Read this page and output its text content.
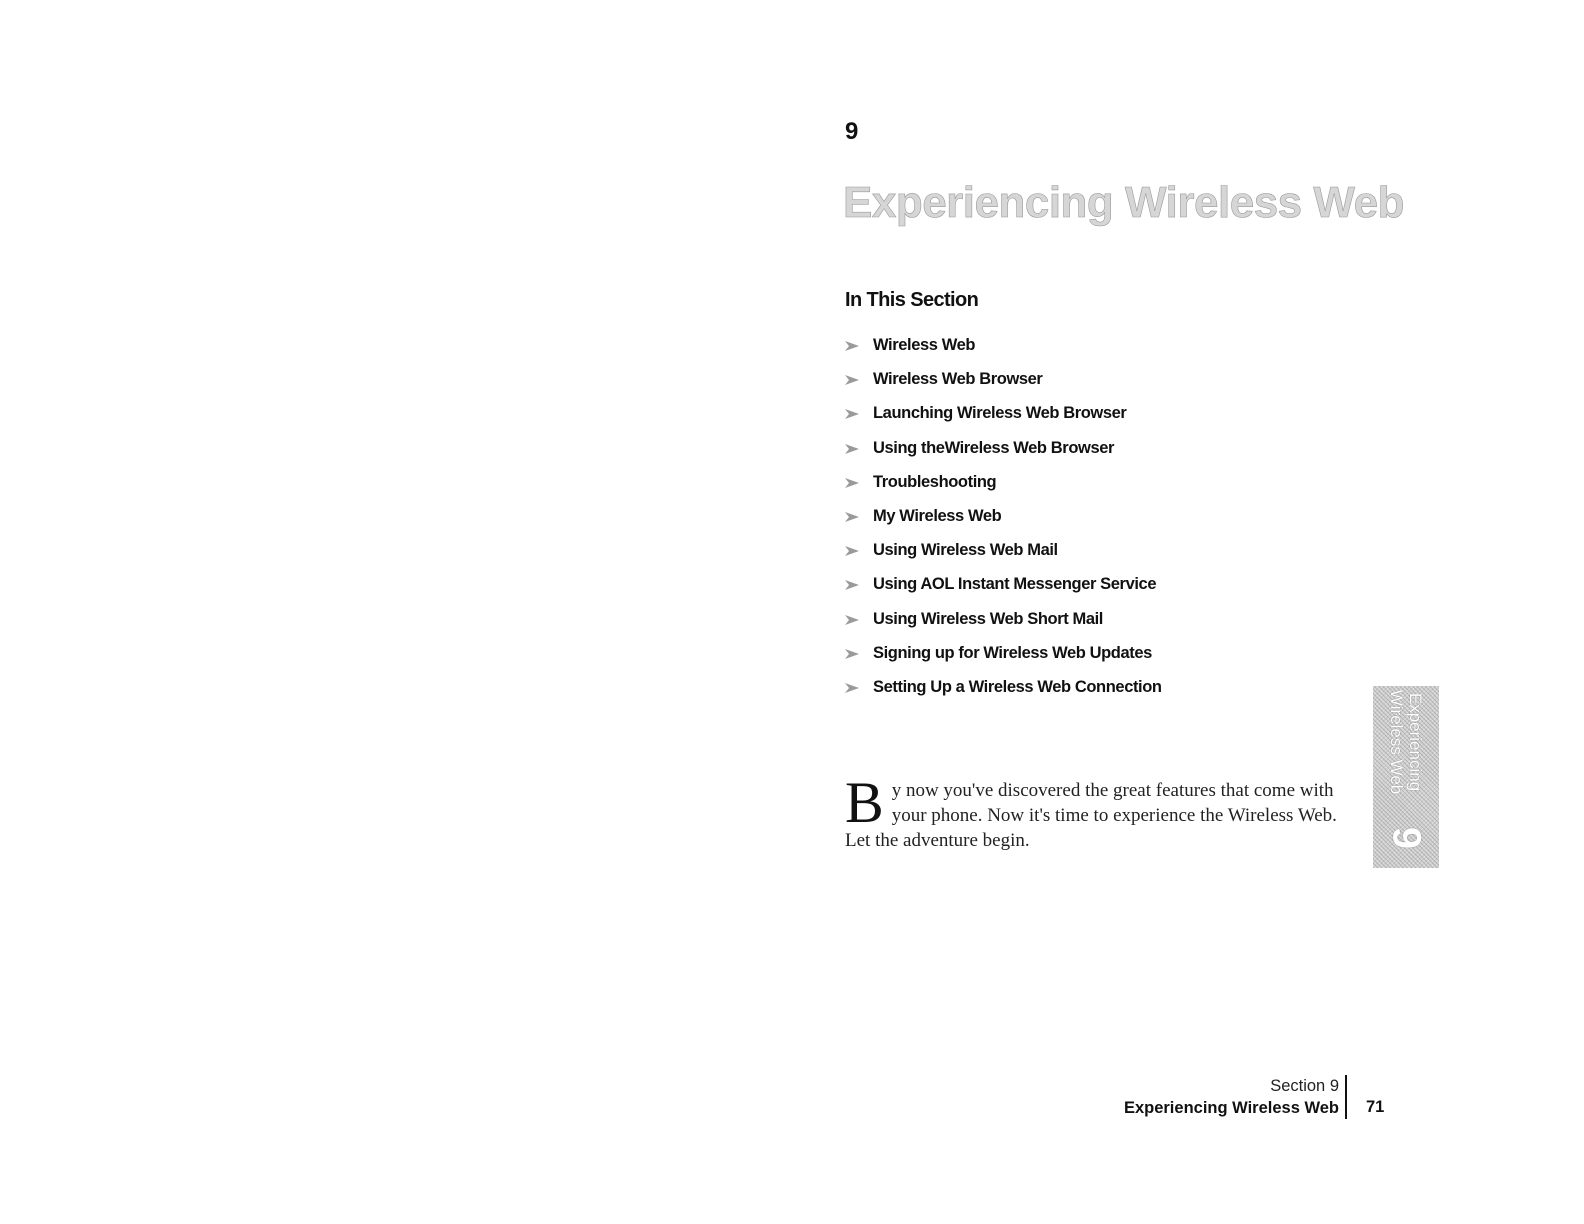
9
Experiencing Wireless Web
In This Section
Wireless Web
Wireless Web Browser
Launching Wireless Web Browser
Using theWireless Web Browser
Troubleshooting
My Wireless Web
Using Wireless Web Mail
Using AOL Instant Messenger Service
Using Wireless Web Short Mail
Signing up for Wireless Web Updates
Setting Up a Wireless Web Connection
By now you've discovered the great features that come with your phone. Now it's time to experience the Wireless Web. Let the adventure begin.
Experiencing Wireless Web
9
Section 9
Experiencing Wireless Web 71
